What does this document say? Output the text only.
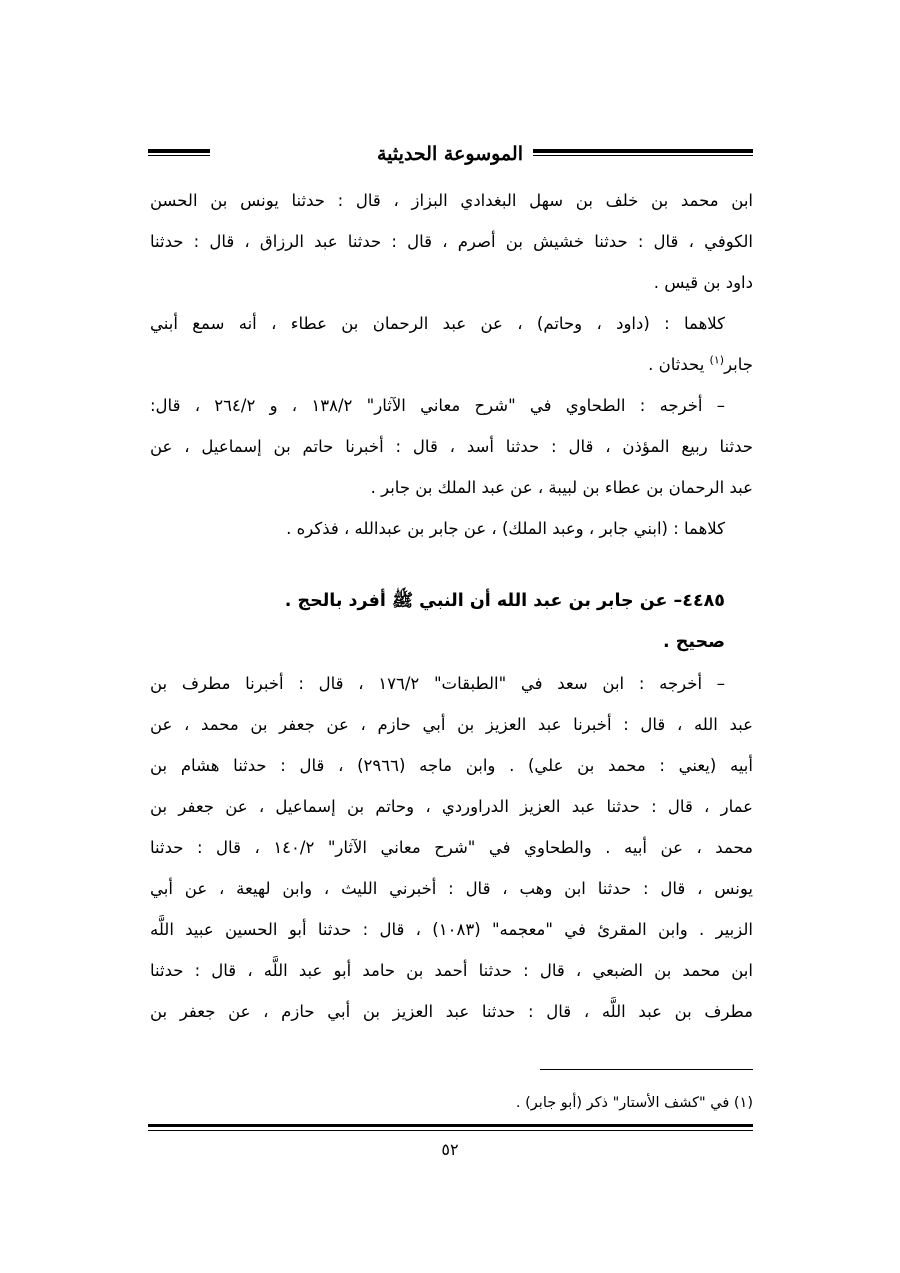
الموسوعة الحديثية
ابن محمد بن خلف بن سهل البغدادي البزاز ، قال : حدثنا يونس بن الحسن
الكوفي ، قال : حدثنا خشيش بن أصرم ، قال : حدثنا عبد الرزاق ، قال : حدثنا
داود بن قيس .
كلاهما : (داود ، وحاتم) ، عن عبد الرحمان بن عطاء ، أنه سمع أبني
جابر$^{(١)}$ يحدثان .
– أخرجه : الطحاوي في "شرح معاني الآثار" ١٣٨/٢ ، و ٢٦٤/٢ ، قال:
حدثنا ربيع المؤذن ، قال : حدثنا أسد ، قال : أخبرنا حاتم بن إسماعيل ، عن
عبد الرحمان بن عطاء بن لبيبة ، عن عبد الملك بن جابر .
كلاهما : (ابني جابر ، وعبد الملك) ، عن جابر بن عبدالله ، فذكره .
٤٤٨٥– عن جابر بن عبد الله أن النبي ﷺ أفرد بالحج .
صحيح .
– أخرجه : ابن سعد في "الطبقات" ١٧٦/٢ ، قال : أخبرنا مطرف بن
عبد الله ، قال : أخبرنا عبد العزيز بن أبي حازم ، عن جعفر بن محمد ، عن
أبيه (يعني : محمد بن علي) . وابن ماجه (٢٩٦٦) ، قال : حدثنا هشام بن
عمار ، قال : حدثنا عبد العزيز الدراوردي ، وحاتم بن إسماعيل ، عن جعفر بن
محمد ، عن أبيه . والطحاوي في "شرح معاني الآثار" ١٤٠/٢ ، قال : حدثنا
يونس ، قال : حدثنا ابن وهب ، قال : أخبرني الليث ، وابن لهيعة ، عن أبي
الزبير . وابن المقرئ في "معجمه" (١٠٨٣) ، قال : حدثنا أبو الحسين عبيد اللَّه
ابن محمد بن الضبعي ، قال : حدثنا أحمد بن حامد أبو عبد اللَّه ، قال : حدثنا
مطرف بن عبد اللَّه ، قال : حدثنا عبد العزيز بن أبي حازم ، عن جعفر بن
(١) في "كشف الأستار" ذكر (أبو جابر) .
٥٢
